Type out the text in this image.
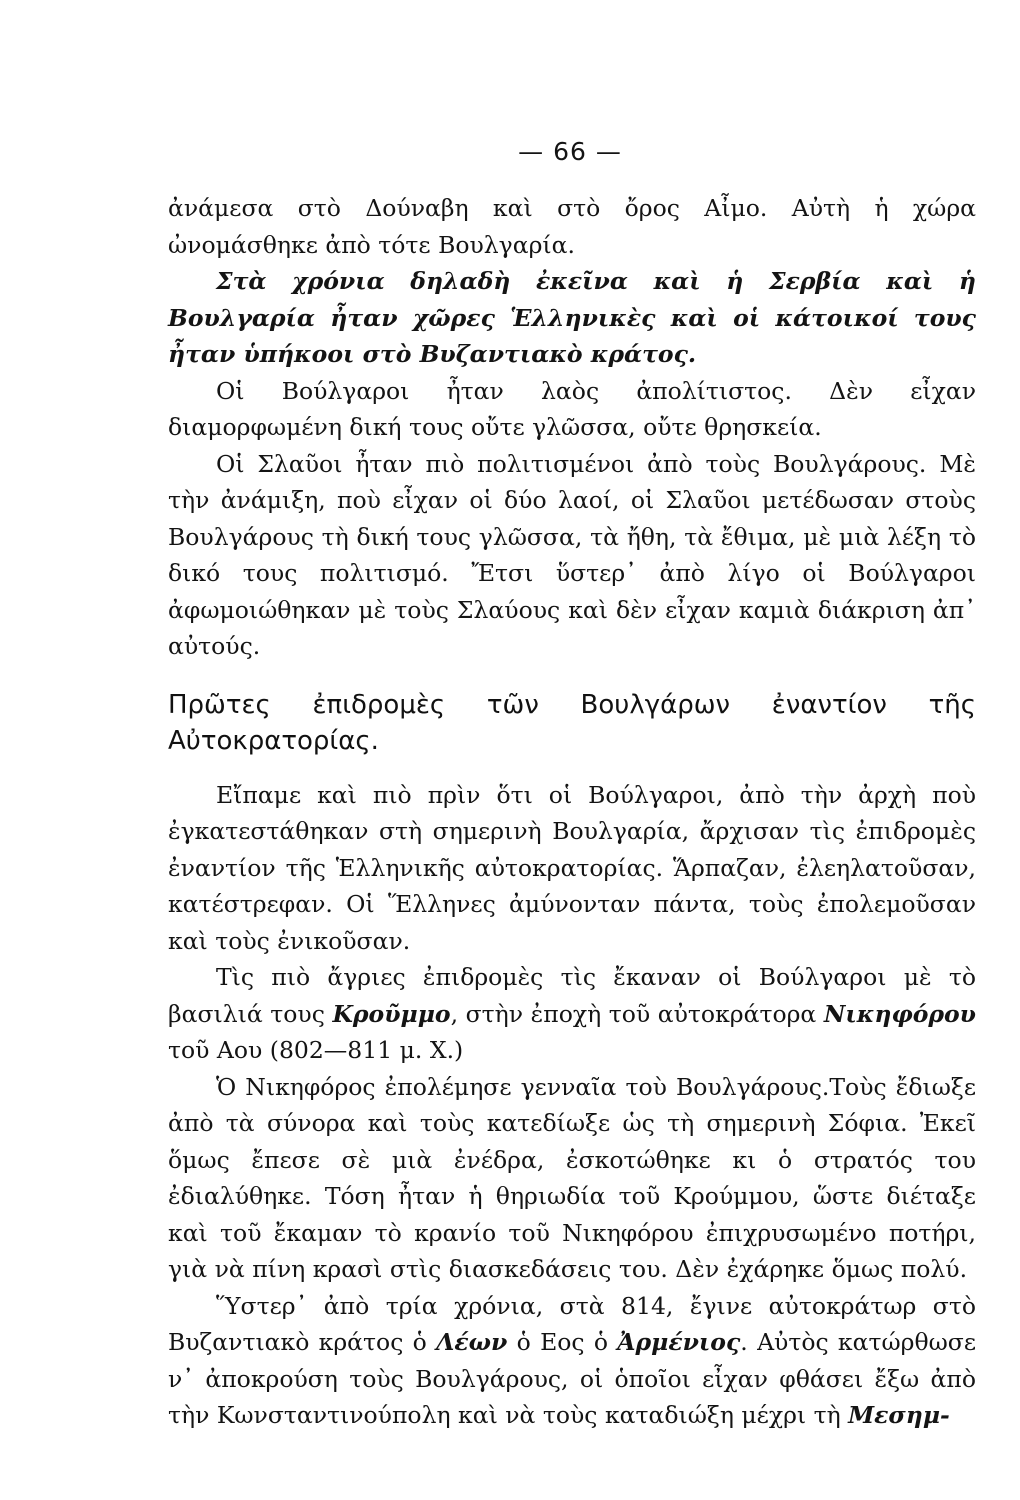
— 66 —

ἀνάμεσα στὸ Δούναβη καὶ στὸ ὄρος Αἶμο. Αὐτὴ ἡ χώρα ὠνομάσθηκε ἀπὸ τότε Βουλγαρία.

Στὰ χρόνια δηλαδὴ ἐκεῖνα καὶ ἡ Σερβία καὶ ἡ Βουλγαρία ἦταν χῶρες Ἑλληνικὲς καὶ οἱ κάτοικοί τους ἦταν ὑπήκοοι στὸ Βυζαντιακὸ κράτος.

Οἱ Βούλγαροι ἦταν λαὸς ἀπολίτιστος. Δὲν εἶχαν διαμορφωμένη δική τους οὔτε γλῶσσα, οὔτε θρησκεία.

Οἱ Σλαῦοι ἦταν πιὸ πολιτισμένοι ἀπὸ τοὺς Βουλγάρους. Μὲ τὴν ἀνάμιξη, ποὺ εἶχαν οἱ δύο λαοί, οἱ Σλαῦοι μετέδωσαν στοὺς Βουλγάρους τὴ δική τους γλῶσσα, τὰ ἤθη, τὰ ἔθιμα, μὲ μιὰ λέξη τὸ δικό τους πολιτισμό. Ἔτσι ὕστερ᾽ ἀπὸ λίγο οἱ Βούλγαροι ἀφωμοιώθηκαν μὲ τοὺς Σλαύους καὶ δὲν εἶχαν καμιὰ διάκριση ἀπ᾽ αὐτούς.

Πρῶτες ἐπιδρομὲς τῶν Βουλγάρων ἐναντίον τῆς Αὐτοκρατορίας.

Εἴπαμε καὶ πιὸ πρὶν ὅτι οἱ Βούλγαροι, ἀπὸ τὴν ἀρχὴ ποὺ ἐγκατεστάθηκαν στὴ σημερινὴ Βουλγαρία, ἄρχισαν τὶς ἐπιδρομὲς ἐναντίον τῆς Ἑλληνικῆς αὐτοκρατορίας. Ἅρπαζαν, ἐλεηλατοῦσαν, κατέστρεφαν. Οἱ Ἕλληνες ἀμύνονταν πάντα, τοὺς ἐπολεμοῦσαν καὶ τοὺς ἐνικοῦσαν.

Τὶς πιὸ ἄγριες ἐπιδρομὲς τὶς ἔκαναν οἱ Βούλγαροι μὲ τὸ βασιλιά τους Κροῦμμο, στὴν ἐποχὴ τοῦ αὐτοκράτορα Νικηφόρου τοῦ Αου (802—811 μ. Χ.)

Ὁ Νικηφόρος ἐπολέμησε γενναῖα τοὺ Βουλγάρους.Τοὺς ἔδιωξε ἀπὸ τὰ σύνορα καὶ τοὺς κατεδίωξε ὡς τὴ σημερινὴ Σόφια. Ἐκεῖ ὅμως ἔπεσε σὲ μιὰ ἐνέδρα, ἐσκοτώθηκε κι ὁ στρατός του ἐδιαλύθηκε. Τόση ἦταν ἡ θηριωδία τοῦ Κρούμμου, ὥστε διέταξε καὶ τοῦ ἔκαμαν τὸ κρανίο τοῦ Νικηφόρου ἐπιχρυσωμένο ποτήρι, γιὰ νὰ πίνη κρασὶ στὶς διασκεδάσεις του. Δὲν ἐχάρηκε ὅμως πολύ.

Ὕστερ᾽ ἀπὸ τρία χρόνια, στὰ 814, ἔγινε αὐτοκράτωρ στὸ Βυζαντιακὸ κράτος ὁ Λέων ὁ Εος ὁ Ἀρμένιος. Αὐτὸς κατώρθωσε ν᾽ ἀποκρούση τοὺς Βουλγάρους, οἱ ὁποῖοι εἶχαν φθάσει ἔξω ἀπὸ τὴν Κωνσταντινούπολη καὶ νὰ τοὺς καταδιώξη μέχρι τὴ Μεσημ-
